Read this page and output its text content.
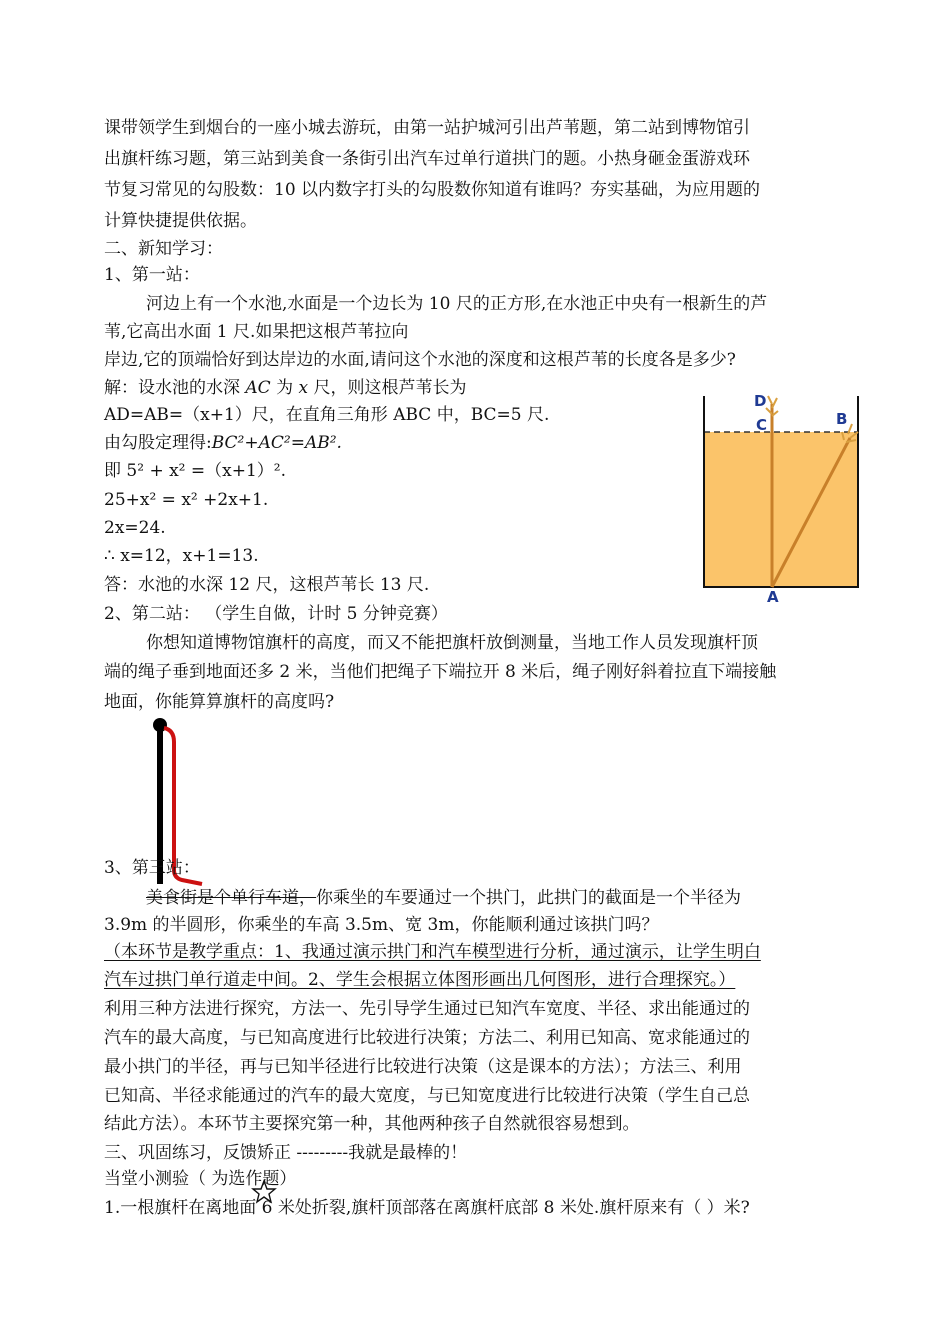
课带领学生到烟台的一座小城去游玩，由第一站护城河引出芦苇题，第二站到博物馆引
出旗杆练习题，第三站到美食一条街引出汽车过单行道拱门的题。小热身砸金蛋游戏环
节复习常见的勾股数：10 以内数字打头的勾股数你知道有谁吗？夯实基础，为应用题的
计算快捷提供依据。
二、新知学习：
1、第一站：
河边上有一个水池,水面是一个边长为 10 尺的正方形,在水池正中央有一根新生的芦
苇,它高出水面 1 尺.如果把这根芦苇拉向
岸边,它的顶端恰好到达岸边的水面,请问这个水池的深度和这根芦苇的长度各是多少?
解：设水池的水深 AC 为 x 尺，则这根芦苇长为
AD=AB=（x+1）尺，在直角三角形 ABC 中，BC=5 尺.
由勾股定理得:BC²+AC²=AB².
即 5² + x² =（x+1）².
25+x² = x² +2x+1.
2x=24.
∴ x=12，x+1=13.
答：水池的水深 12 尺，这根芦苇长 13 尺.
D
C	B
A
2、第二站： （学生自做，计时 5 分钟竞赛）
你想知道博物馆旗杆的高度，而又不能把旗杆放倒测量，当地工作人员发现旗杆顶
端的绳子垂到地面还多 2 米，当他们把绳子下端拉开 8 米后，绳子刚好斜着拉直下端接触
地面，你能算算旗杆的高度吗?
3、第三站：
美食街是个单行车道，你乘坐的车要通过一个拱门，此拱门的截面是一个半径为
3.9m 的半圆形，你乘坐的车高 3.5m、宽 3m，你能顺利通过该拱门吗？
（本环节是教学重点：1、我通过演示拱门和汽车模型进行分析，通过演示，让学生明白
汽车过拱门单行道走中间。2、学生会根据立体图形画出几何图形，进行合理探究。）
利用三种方法进行探究，方法一、先引导学生通过已知汽车宽度、半径、求出能通过的
汽车的最大高度，与已知高度进行比较进行决策；方法二、利用已知高、宽求能通过的
最小拱门的半径，再与已知半径进行比较进行决策（这是课本的方法）；方法三、利用
已知高、半径求能通过的汽车的最大宽度，与已知宽度进行比较进行决策（学生自己总
结此方法）。本环节主要探究第一种，其他两种孩子自然就很容易想到。
三、巩固练习，反馈矫正 ---------我就是最棒的！
当堂小测验（ 为选作题）
1.一根旗杆在离地面 6 米处折裂,旗杆顶部落在离旗杆底部 8 米处.旗杆原来有（ ）米?
